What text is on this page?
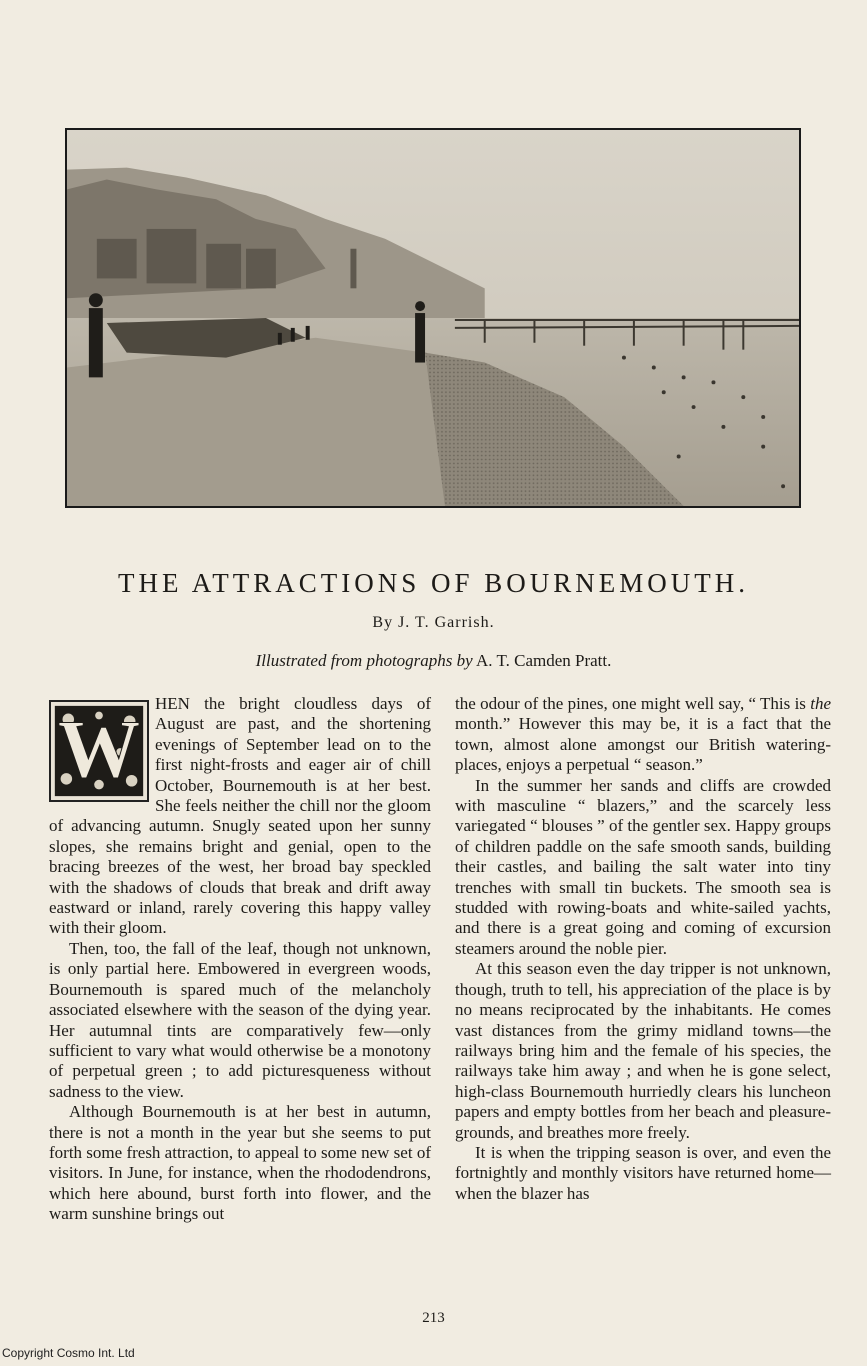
THE ATTRACTIONS OF BOURNEMOUTH.
By J. T. Garrish.
Illustrated from photographs by A. T. Camden Pratt.
W HEN the bright cloudless days of August are past, and the shortening evenings of September lead on to the first night-frosts and eager air of chill October, Bournemouth is at her best. She feels neither the chill nor the gloom of advancing autumn. Snugly seated upon her sunny slopes, she remains bright and genial, open to the bracing breezes of the west, her broad bay speckled with the shadows of clouds that break and drift away eastward or inland, rarely covering this happy valley with their gloom.

Then, too, the fall of the leaf, though not unknown, is only partial here. Embowered in evergreen woods, Bournemouth is spared much of the melancholy associated elsewhere with the season of the dying year. Her autumnal tints are comparatively few—only sufficient to vary what would otherwise be a monotony of perpetual green ; to add picturesqueness without sadness to the view.

Although Bournemouth is at her best in autumn, there is not a month in the year but she seems to put forth some fresh attraction, to appeal to some new set of visitors. In June, for instance, when the rhododendrons, which here abound, burst forth into flower, and the warm sunshine brings out

the odour of the pines, one might well say, “ This is the month.” However this may be, it is a fact that the town, almost alone amongst our British watering-places, enjoys a perpetual “ season.”

In the summer her sands and cliffs are crowded with masculine “ blazers,” and the scarcely less variegated “ blouses ” of the gentler sex. Happy groups of children paddle on the safe smooth sands, building their castles, and bailing the salt water into tiny trenches with small tin buckets. The smooth sea is studded with rowing-boats and white-sailed yachts, and there is a great going and coming of excursion steamers around the noble pier.

At this season even the day tripper is not unknown, though, truth to tell, his appreciation of the place is by no means reciprocated by the inhabitants. He comes vast distances from the grimy midland towns—the railways bring him and the female of his species, the railways take him away ; and when he is gone select, high-class Bournemouth hurriedly clears his luncheon papers and empty bottles from her beach and pleasure-grounds, and breathes more freely.

It is when the tripping season is over, and even the fortnightly and monthly visitors have returned home—when the blazer has

213
Copyright Cosmo Int. Ltd
